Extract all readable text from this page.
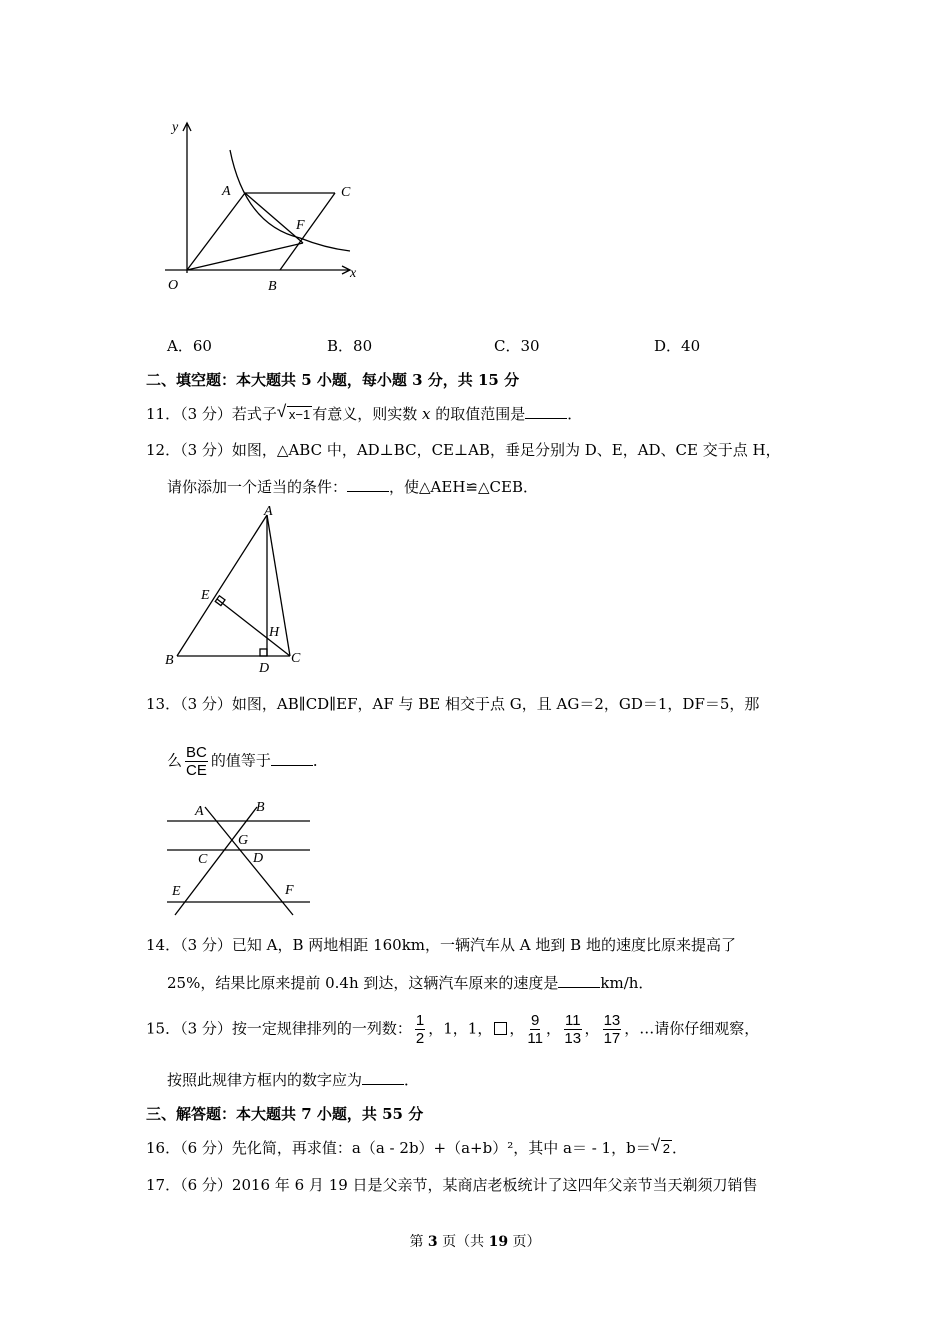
y
x
A	C
F
O	B
A．60	B．80	C．30	D．40
二、填空题：本大题共 5 小题，每小题 3 分，共 15 分
11．（3 分）若式子 √ x−1 有意义，则实数 x 的取值范围是	．
12．（3 分）如图，△ABC 中，AD⊥BC，CE⊥AB，垂足分别为 D、E，AD、CE 交于点 H，
请你添加一个适当的条件：	，使△AEH≌△CEB．
A
E
H
B
D
C
13．（3 分）如图，AB∥CD∥EF，AF 与 BE 相交于点 G，且 AG＝2，GD＝1，DF＝5，那
么 $\frac{BC}{CE}$ 的值等于	．
A	B
G
C	D
E	F
14．（3 分）已知 A，B 两地相距 160km，一辆汽车从 A 地到 B 地的速度比原来提高了
25%，结果比原来提前 0.4h 到达，这辆汽车原来的速度是	km/h．
15．（3 分）按一定规律排列的一列数： $\frac{1}{2}$ ，1，1， ， $\frac{9}{11}$ ， $\frac{11}{13}$ ， $\frac{13}{17}$ ，…请你仔细观察，
按照此规律方框内的数字应为	．
三、解答题：本大题共 7 小题，共 55 分
16．（6 分）先化简，再求值：a（a - 2b）+（a+b）²，其中 a＝ - 1，b＝ √ 2 ．
17．（6 分）2016 年 6 月 19 日是父亲节，某商店老板统计了这四年父亲节当天剃须刀销售
第 3 页（共 19 页）
